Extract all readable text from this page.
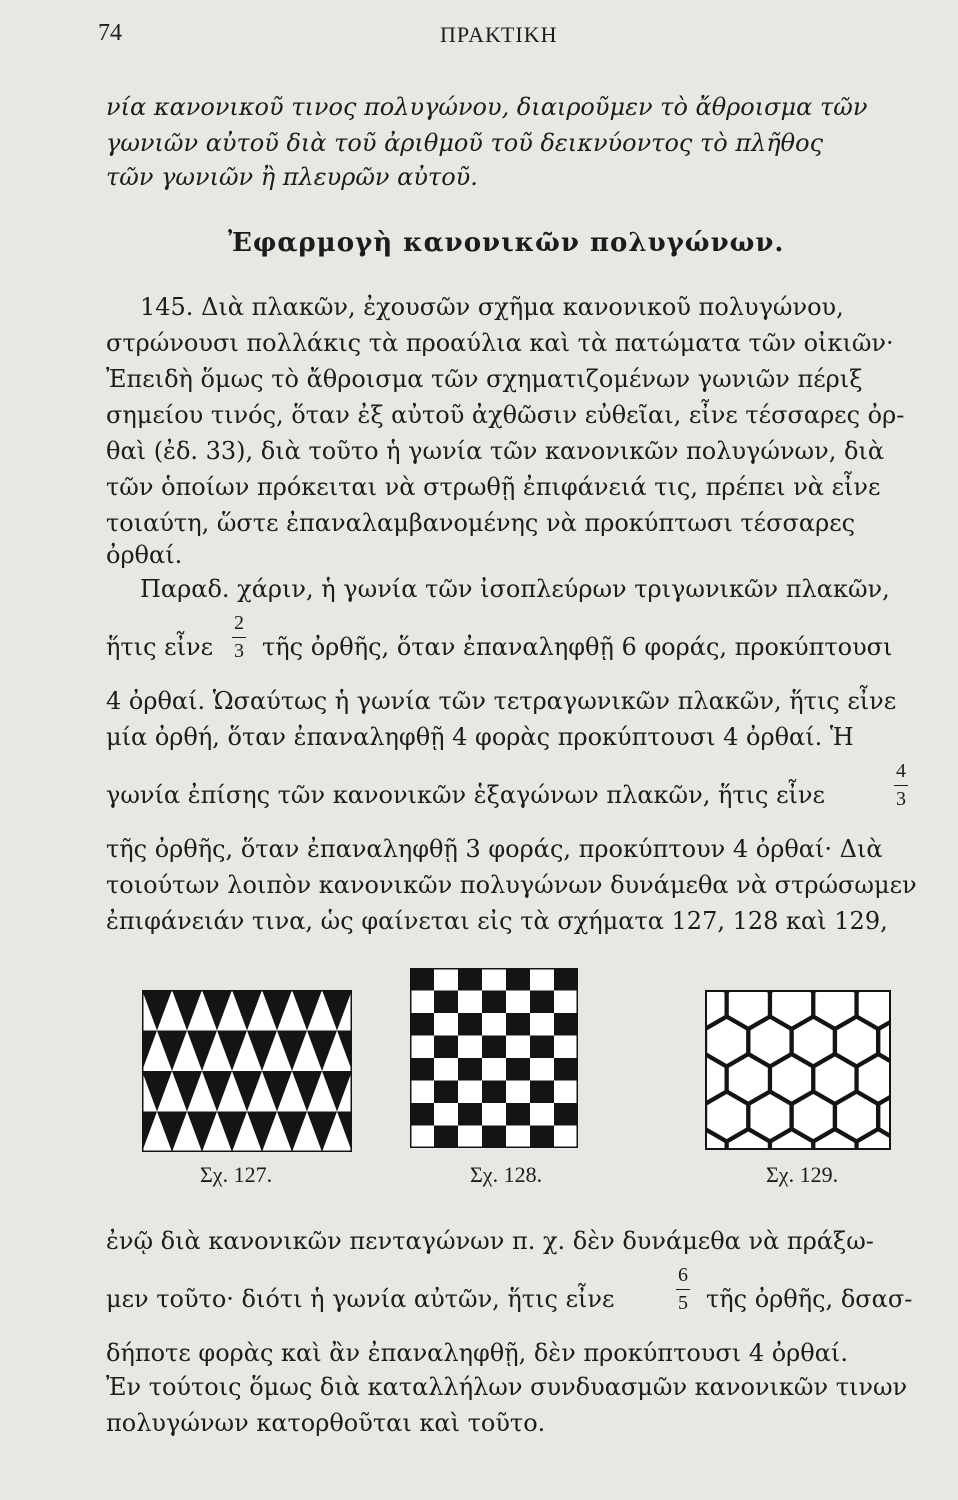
74	ΠΡΑΚΤΙΚΗ
νία κανονικοῦ τινος πολυγώνου, διαιροῦμεν τὸ ἄθροισμα τῶν
γωνιῶν αὐτοῦ διὰ τοῦ ἀριθμοῦ τοῦ δεικνύοντος τὸ πλῆθος
τῶν γωνιῶν ἢ πλευρῶν αὐτοῦ.
Ἐφαρμογὴ κανονικῶν πολυγώνων.
145. Διὰ πλακῶν, ἐχουσῶν σχῆμα κανονικοῦ πολυγώνου,
στρώνουσι πολλάκις τὰ προαύλια καὶ τὰ πατώματα τῶν οἰκιῶν·
Ἐπειδὴ ὅμως τὸ ἄθροισμα τῶν σχηματιζομένων γωνιῶν πέριξ
σημείου τινός, ὅταν ἐξ αὐτοῦ ἀχθῶσιν εὐθεῖαι, εἶνε τέσσαρες ὀρ-
θαὶ (ἐδ. 33), διὰ τοῦτο ἡ γωνία τῶν κανονικῶν πολυγώνων, διὰ
τῶν ὁποίων πρόκειται νὰ στρωθῇ ἐπιφάνειά τις, πρέπει νὰ εἶνε
τοιαύτη, ὥστε ἐπαναλαμβανομένης νὰ προκύπτωσι τέσσαρες
ὀρθαί.
Παραδ. χάριν, ἡ γωνία τῶν ἰσοπλεύρων τριγωνικῶν πλακῶν,
ἥτις εἶνε
2
3 τῆς ὀρθῆς, ὅταν ἐπαναληφθῇ 6 φοράς, προκύπτουσι
4 ὀρθαί. Ὡσαύτως ἡ γωνία τῶν τετραγωνικῶν πλακῶν, ἥτις εἶνε
μία ὀρθή, ὅταν ἐπαναληφθῇ 4 φορὰς προκύπτουσι 4 ὀρθαί. Ἡ
γωνία ἐπίσης τῶν κανονικῶν ἑξαγώνων πλακῶν, ἥτις εἶνε
4
3
τῆς ὀρθῆς, ὅταν ἐπαναληφθῇ 3 φοράς, προκύπτουν 4 ὀρθαί· Διὰ
τοιούτων λοιπὸν κανονικῶν πολυγώνων δυνάμεθα νὰ στρώσωμεν
ἐπιφάνειάν τινα, ὡς φαίνεται εἰς τὰ σχήματα 127, 128 καὶ 129,
Σχ. 127.	Σχ. 128.	Σχ. 129.
ἐνῷ διὰ κανονικῶν πενταγώνων π. χ. δὲν δυνάμεθα νὰ πράξω-
μεν τοῦτο· διότι ἡ γωνία αὐτῶν, ἥτις εἶνε
6
5 τῆς ὀρθῆς, δσασ-
δήποτε φορὰς καὶ ἂν ἐπαναληφθῇ, δὲν προκύπτουσι 4 ὀρθαί.
Ἐν τούτοις ὅμως διὰ καταλλήλων συνδυασμῶν κανονικῶν τινων
πολυγώνων κατορθοῦται καὶ τοῦτο.
